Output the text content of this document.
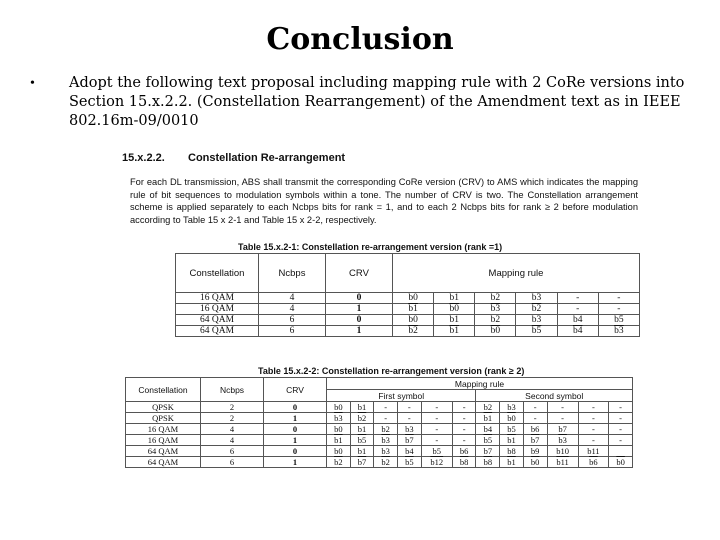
Conclusion
• Adopt the following text proposal including mapping rule with 2 CoRe versions into Section 15.x.2.2. (Constellation Rearrangement) of the Amendment text as in IEEE 802.16m-09/0010
15.x.2.2. Constellation Re-arrangement
For each DL transmission, ABS shall transmit the corresponding CoRe version (CRV) to AMS which indicates the mapping rule of bit sequences to modulation symbols within a tone. The number of CRV is two. The Constellation arrangement scheme is applied separately to each Ncbps bits for rank = 1, and to each 2 Ncbps bits for rank ≥ 2 before modulation according to Table 15 x 2-1 and Table 15 x 2-2, respectively.
Table 15.x.2-1: Constellation re-arrangement version (rank =1)
Constellation	Ncbps	CRV	Mapping rule					
16 QAM	4	0	b0	b1	b2	b3	-	-
16 QAM	4	1	b1	b0	b3	b2	-	-
64 QAM	6	0	b0	b1	b2	b3	b4	b5
64 QAM	6	1	b2	b1	b0	b5	b4	b3
Table 15.x.2-2: Constellation re-arrangement version (rank ≥ 2)
Constellation	Ncbps	CRV	Mapping rule											
			First symbol						Second symbol					
QPSK	2	0	b0	b1	-	-	-	-	b2	b3	-	-	-	-
QPSK	2	1	b3	b2	-	-	-	-	b1	b0	-	-	-	-
16 QAM	4	0	b0	b1	b2	b3	-	-	b4	b5	b6	b7	-	-
16 QAM	4	1	b1	b5	b3	b7	-	-	b5	b1	b7	b3	-	-
64 QAM	6	0	b0	b1	b3	b4	b5	b6	b7	b8	b9	b10	b11	
64 QAM	6	1	b2	b7	b2	b5	b12	b8	b8	b1	b0	b11	b6	b0
